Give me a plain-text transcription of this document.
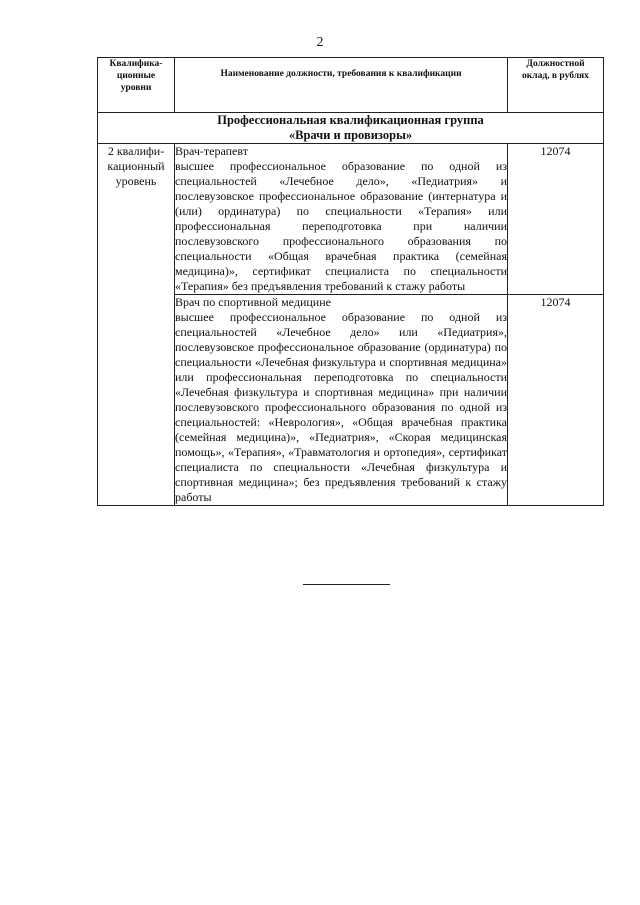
2
Квалифика-ционные уровни	Наименование должности, требования к квалификации	Должностной оклад, в рублях

Профессиональная квалификационная группа
«Врачи и провизоры»		

2 квалифи-кационный уровень	Врач-терапевт
высшее профессиональное образование по одной из специальностей «Лечебное дело», «Педиатрия» и послевузовское профессиональное образование (интернатура и (или) ординатура) по специальности «Терапия» или профессиональная переподготовка при наличии послевузовского профессионального образования по специальности «Общая врачебная практика (семейная медицина)», сертификат специалиста по специальности «Терапия» без предъявления требований к стажу работы	12074

	Врач по спортивной медицине
высшее профессиональное образование по одной из специальностей «Лечебное дело» или «Педиатрия», послевузовское профессиональное образование (ординатура) по специальности «Лечебная физкультура и спортивная медицина» или профессиональная переподготовка по специальности «Лечебная физкультура и спортивная медицина» при наличии послевузовского профессионального образования по одной из специальностей: «Неврология», «Общая врачебная практика (семейная медицина)», «Педиатрия», «Скорая медицинская помощь», «Терапия», «Травматология и ортопедия», сертификат специалиста по специальности «Лечебная физкультура и спортивная медицина»; без предъявления требований к стажу работы	12074
